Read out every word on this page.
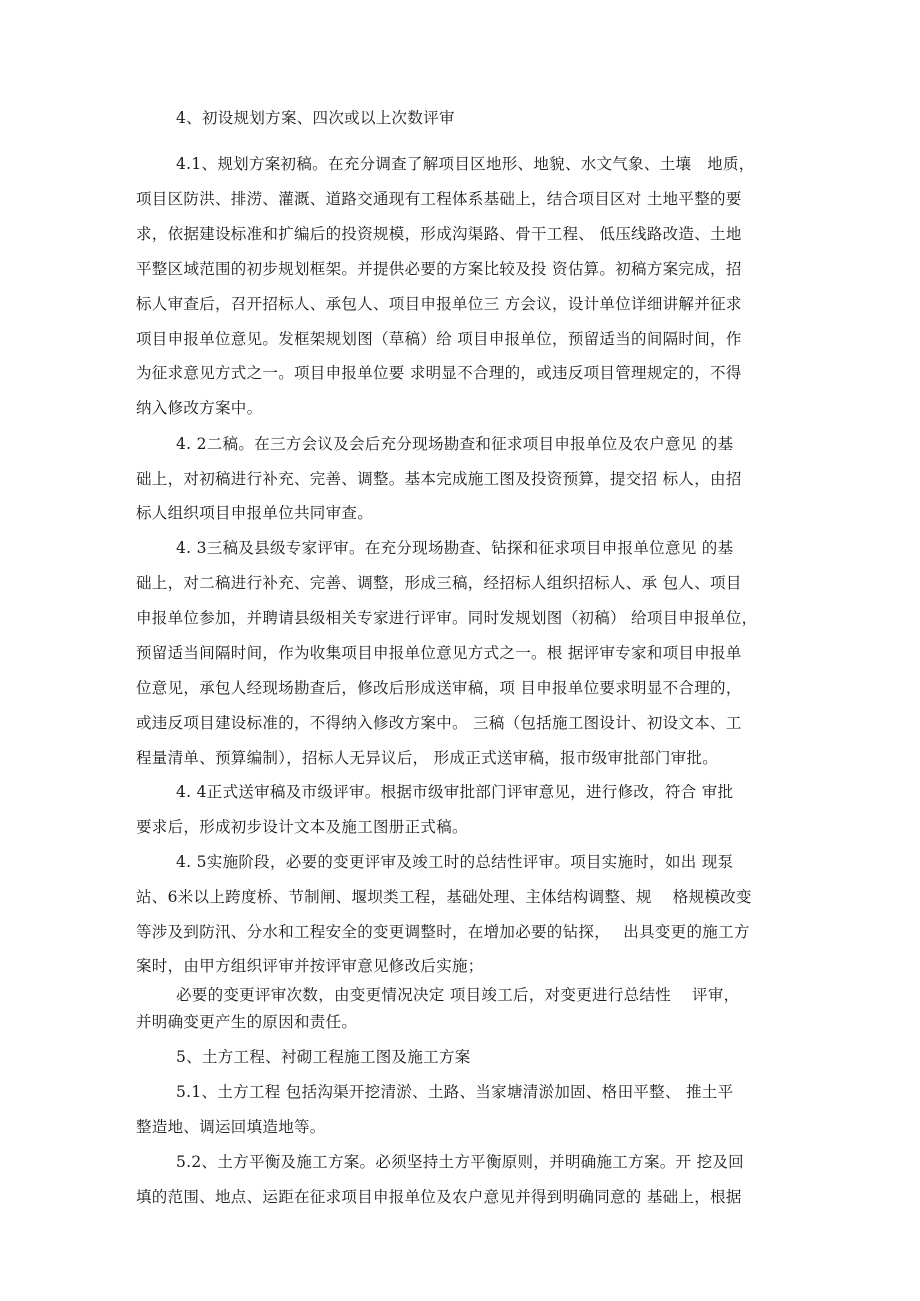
4、初设规划方案、四次或以上次数评审
4.1、规划方案初稿。在充分调查了解项目区地形、地貌、水文气象、土壤　地质，
项目区防洪、排涝、灌溉、道路交通现有工程体系基础上，结合项目区对 土地平整的要
求，依据建设标准和扩编后的投资规模，形成沟渠路、骨干工程、 低压线路改造、土地
平整区域范围的初步规划框架。并提供必要的方案比较及投 资估算。初稿方案完成，招
标人审查后，召开招标人、承包人、项目申报单位三 方会议，设计单位详细讲解并征求
项目申报单位意见。发框架规划图（草稿）给 项目申报单位，预留适当的间隔时间，作
为征求意见方式之一。项目申报单位要 求明显不合理的，或违反项目管理规定的，不得
纳入修改方案中。
4. 2二稿。在三方会议及会后充分现场勘查和征求项目申报单位及农户意见 的基
础上，对初稿进行补充、完善、调整。基本完成施工图及投资预算，提交招 标人，由招
标人组织项目申报单位共同审查。
4. 3三稿及县级专家评审。在充分现场勘查、钻探和征求项目申报单位意见 的基
础上，对二稿进行补充、完善、调整，形成三稿，经招标人组织招标人、承 包人、项目
申报单位参加，并聘请县级相关专家进行评审。同时发规划图（初稿） 给项目申报单位，
预留适当间隔时间，作为收集项目申报单位意见方式之一。根 据评审专家和项目申报单
位意见，承包人经现场勘查后，修改后形成送审稿，项 目申报单位要求明显不合理的，
或违反项目建设标准的，不得纳入修改方案中。 三稿（包括施工图设计、初设文本、工
程量清单、预算编制），招标人无异议后， 形成正式送审稿，报市级审批部门审批。
4. 4正式送审稿及市级评审。根据市级审批部门评审意见，进行修改，符合 审批
要求后，形成初步设计文本及施工图册正式稿。
4. 5实施阶段，必要的变更评审及竣工时的总结性评审。项目实施时，如出 现泵
站、6米以上跨度桥、节制闸、堰坝类工程，基础处理、主体结构调整、规　 格规模改变
等涉及到防汛、分水和工程安全的变更调整时，在增加必要的钻探，　 出具变更的施工方
案时，由甲方组织评审并按评审意见修改后实施；
必要的变更评审次数，由变更情况决定 项目竣工后，对变更进行总结性　 评审，
并明确变更产生的原因和责任。
5、土方工程、衬砌工程施工图及施工方案
5.1、土方工程 包括沟渠开挖清淤、土路、当家塘清淤加固、格田平整、 推土平
整造地、调运回填造地等。
5.2、土方平衡及施工方案。必须坚持土方平衡原则，并明确施工方案。开 挖及回
填的范围、地点、运距在征求项目申报单位及农户意见并得到明确同意的 基础上，根据
